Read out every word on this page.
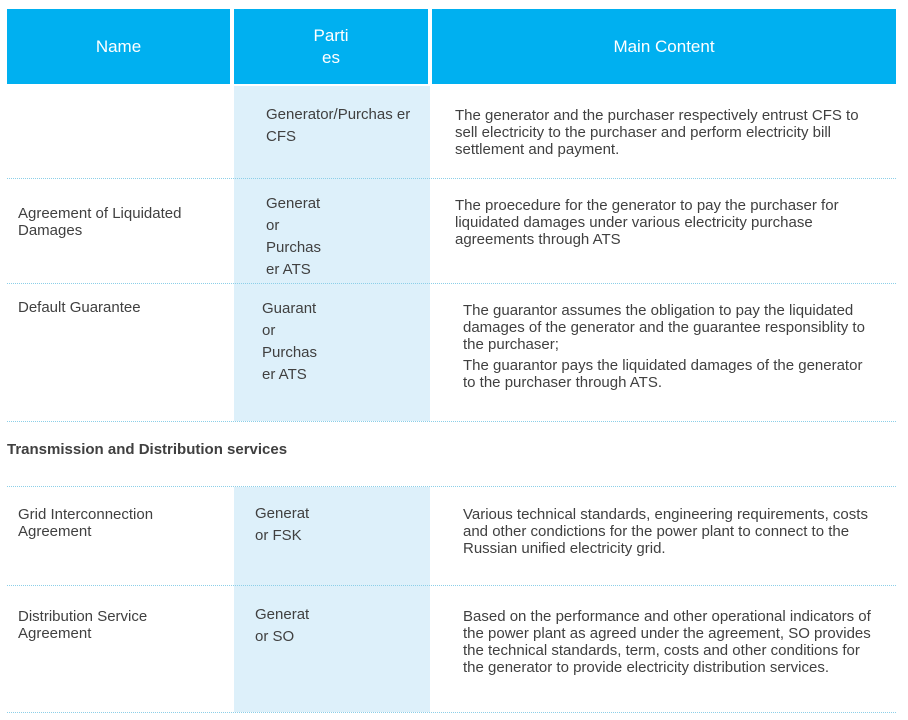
Name
Parti es
Main Content
Generator/Purchas er CFS
The generator and the purchaser respectively entrust CFS to sell electricity to the purchaser and perform electricity bill settlement and payment.
Agreement of Liquidated Damages
Generat or Purchas er ATS
The proecedure for the generator to pay the purchaser for liquidated damages under various electricity purchase agreements through ATS
Default Guarantee	Guarant or Purchas er ATS
The guarantor assumes the obligation to pay the liquidated damages of the generator and the guarantee responsiblity to the purchaser;
The guarantor pays the liquidated damages of the generator to the purchaser through ATS.
Transmission and Distribution services
Grid Interconnection Agreement
Generat or FSK
Various technical standards, engineering requirements, costs and other condictions for the power plant to connect to the Russian unified electricity grid.
Distribution Service Agreement
Generat or SO
Based on the performance and other operational indicators of the power plant as agreed under the agreement, SO provides the technical standards, term, costs and other conditions for the generator to provide electricity distribution services.
